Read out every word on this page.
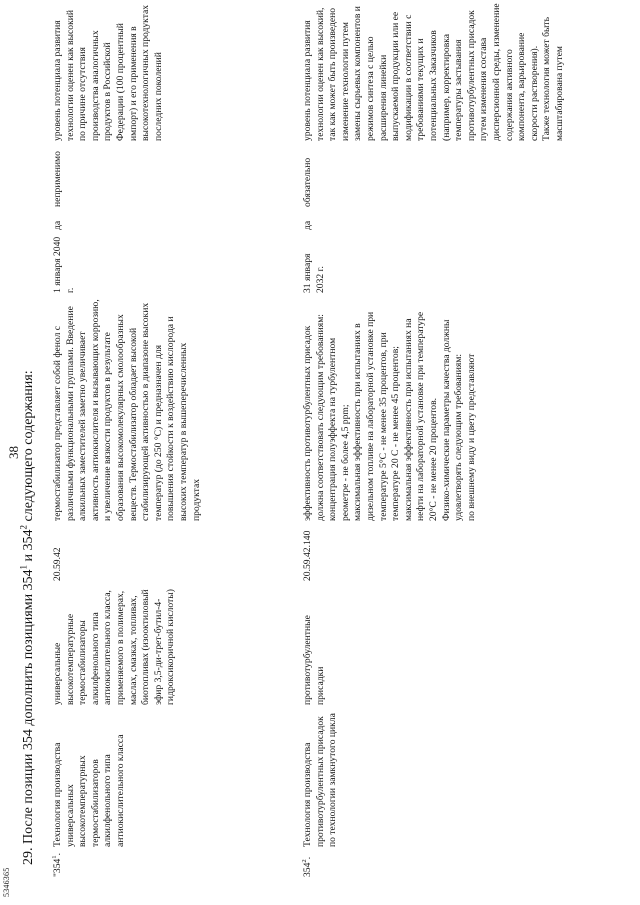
5346365
38
29. После позиции 354 дополнить позициями $354^1$ и $354^2$ следующего содержания:
"$354^1$.
Технология производства универсальных высокотемпературных термостабилизаторов алкилфенольного типа антиокислительного класса
универсальные высокотемпературные термостабилизаторы алкилфенольного типа антиокислительного класса, применяемого в полимерах, маслах, смазках, топливах, биотопливах (изооктиловый эфир 3,5-ди-трет-бутил-4-гидроксикоричной кислоты)
20.59.42
термостабилизатор представляет собой фенол с различными функциональными группами. Введение алкильных заместителей заметно увеличивает активность антиокислителя и вызывающих коррозию, и увеличение вязкости продуктов в результате образования высокомолекулярных смолообразных веществ. Термостабилизатор обладает высокой стабилизирующей активностью в диапазоне высоких температур (до 250 °С) и предназначен для повышения стойкости к воздействию кислорода и высоких температур в вышеперечисленных продуктах
1 января 2040 г.
да
неприменимо
уровень потенциала развития технологии оценен как высокий по причине отсутствия производства аналогичных продуктов в Российской Федерации (100 процентный импорт) и его применения в высокотехнологичных продуктах последних поколений
$354^2$.
Технология производства противотурбулентных присадок по технологии замкнутого цикла
противотурбулентные присадки
20.59.42.140
эффективность противотурбулентных присадок должна соответствовать следующим требованиям:
концентрация полуэффекта на турбулентном реометре - не более 4,5 ppm;
максимальная эффективность при испытаниях в дизельном топливе на лабораторной установке при температуре 5°С - не менее 35 процентов, при температуре 20 С - не менее 45 процентов;
максимальная эффективность при испытаниях на нефти на лабораторной установке при температуре 20°С - не менее 20 процентов.
Физико-химические параметры качества должны удовлетворять следующим требованиям:
по внешнему виду и цвету представляют
31 января 2032 г.
да
обязательно
уровень потенциала развития технологии оценен как высокий, так как может быть произведено изменение технологии путем замены сырьевых компонентов и режимов синтеза с целью расширения линейки выпускаемой продукции или ее модификации в соответствии с требованиями текущих и потенциальных Заказчиков (например, корректировка температуры застывания противотурбулентных присадок путем изменения состава дисперсионной среды, изменение содержания активного компонента, варьирование скорости растворения).
Также технология может быть масштабирована путем
